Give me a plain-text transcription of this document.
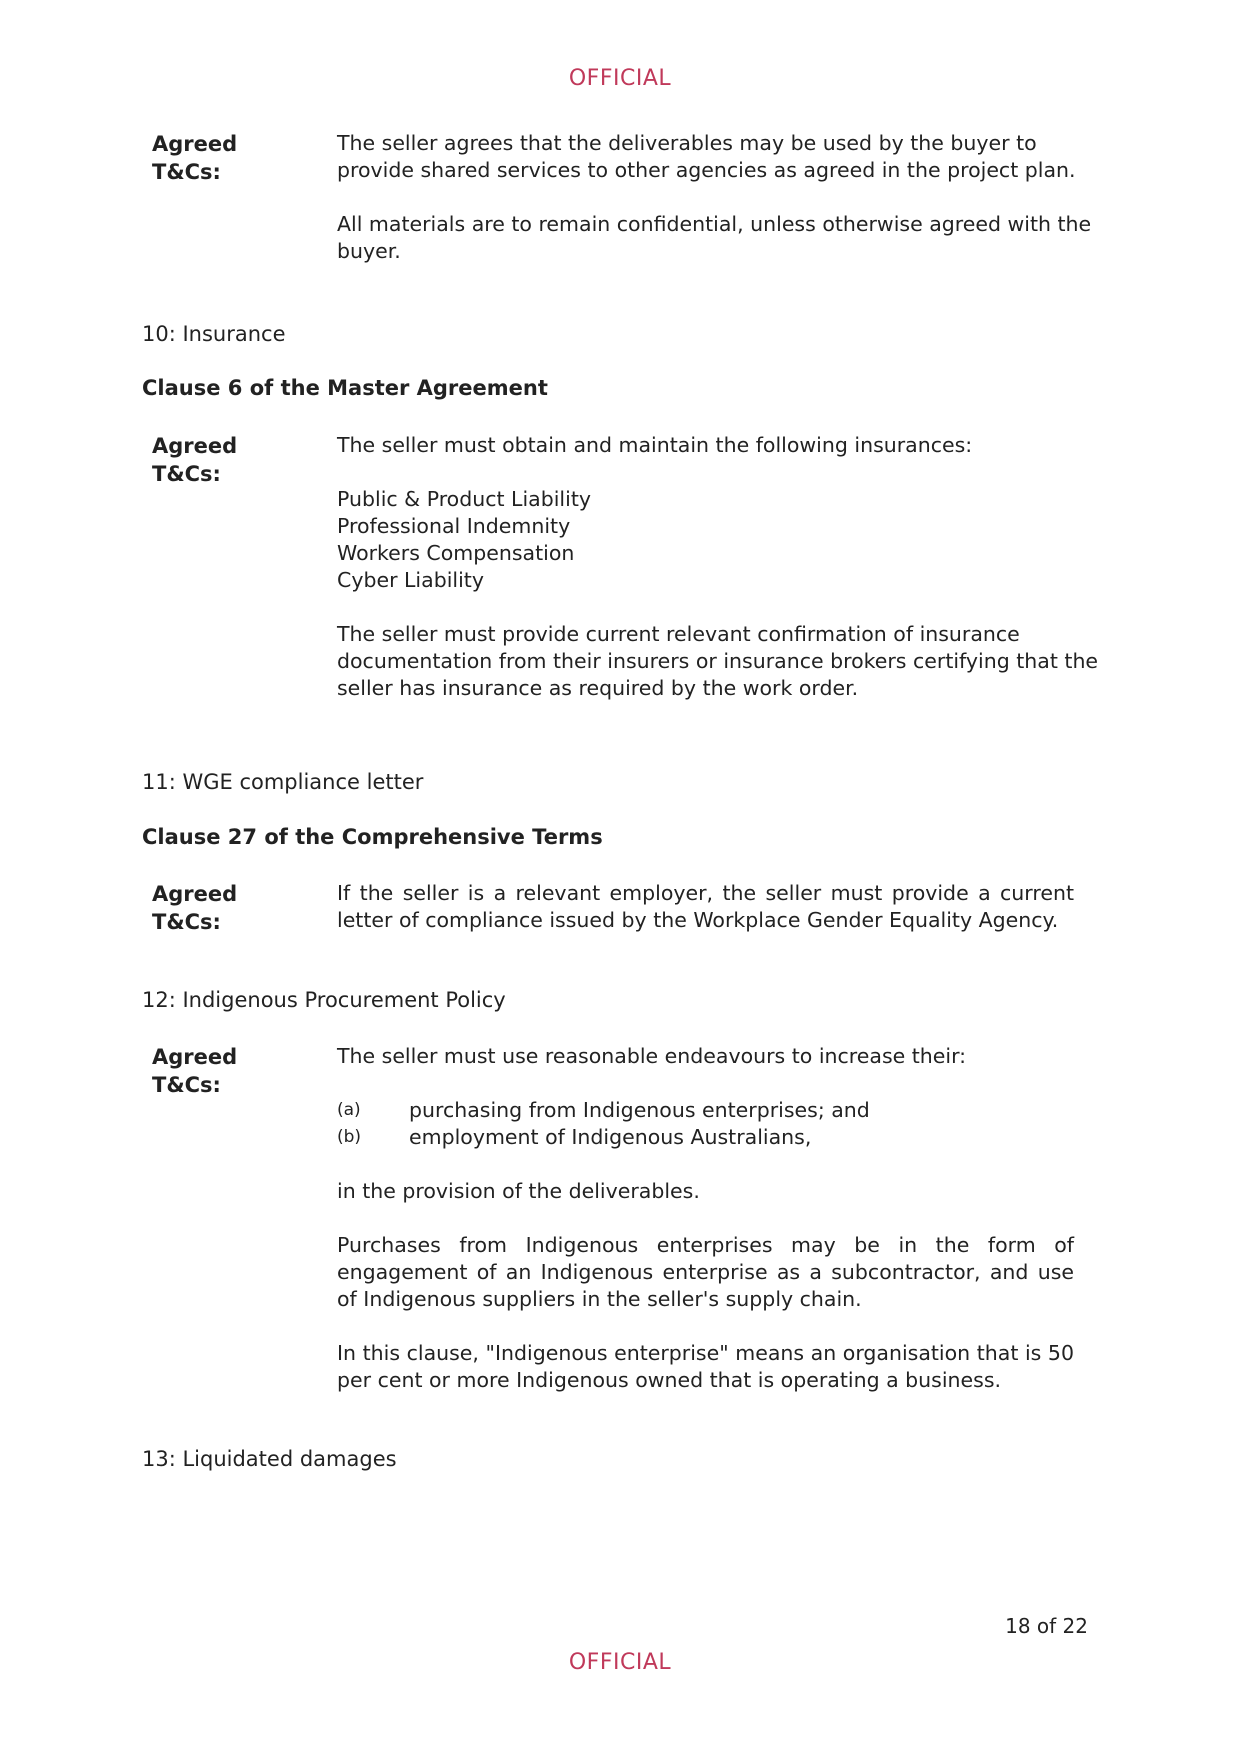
OFFICIAL
Agreed T&Cs:

The seller agrees that the deliverables may be used by the buyer to provide shared services to other agencies as agreed in the project plan.

All materials are to remain confidential, unless otherwise agreed with the buyer.

10: Insurance
Clause 6 of the Master Agreement
Agreed T&Cs:

The seller must obtain and maintain the following insurances:

Public & Product Liability
Professional Indemnity
Workers Compensation
Cyber Liability

The seller must provide current relevant confirmation of insurance documentation from their insurers or insurance brokers certifying that the seller has insurance as required by the work order.

11: WGE compliance letter
Clause 27 of the Comprehensive Terms
Agreed T&Cs:

If the seller is a relevant employer, the seller must provide a current letter of compliance issued by the Workplace Gender Equality Agency.

12: Indigenous Procurement Policy
Agreed T&Cs:

The seller must use reasonable endeavours to increase their:

(a) purchasing from Indigenous enterprises; and
(b) employment of Indigenous Australians,

in the provision of the deliverables.

Purchases from Indigenous enterprises may be in the form of engagement of an Indigenous enterprise as a subcontractor, and use of Indigenous suppliers in the seller's supply chain.

In this clause, "Indigenous enterprise" means an organisation that is 50 per cent or more Indigenous owned that is operating a business.

13: Liquidated damages
18 of 22
OFFICIAL
